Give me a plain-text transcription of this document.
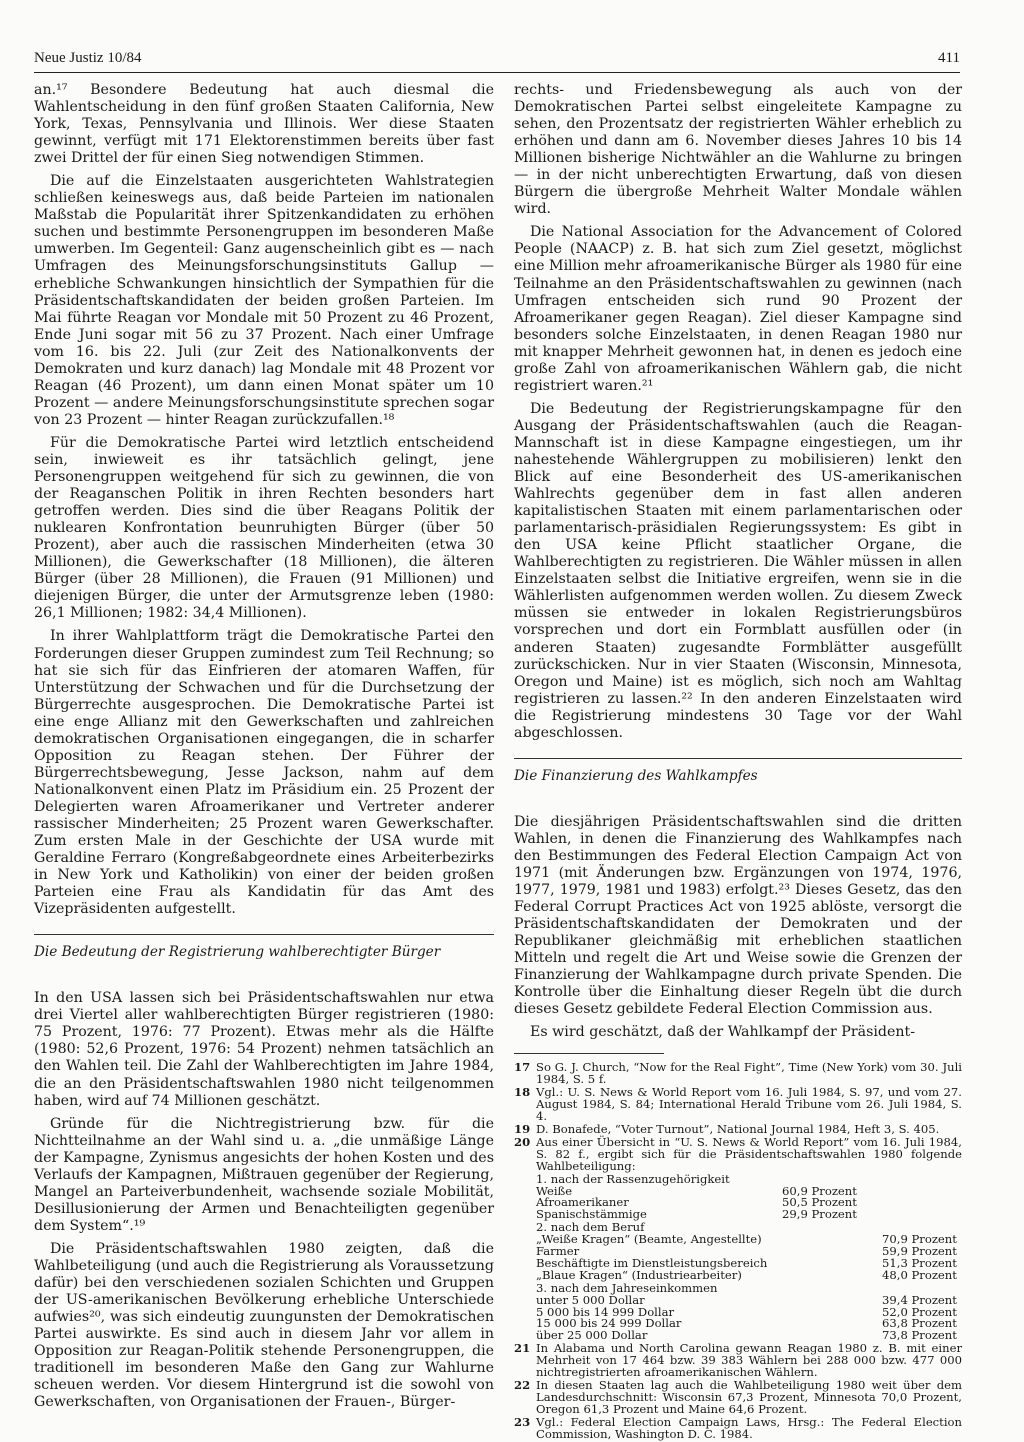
Neue Justiz 10/84	411

an.¹⁷ Besondere Bedeutung hat auch diesmal die Wahlentscheidung in den fünf großen Staaten California, New York, Texas, Pennsylvania und Illinois. Wer diese Staaten gewinnt, verfügt mit 171 Elektorenstimmen bereits über fast zwei Drittel der für einen Sieg notwendigen Stimmen.

Die auf die Einzelstaaten ausgerichteten Wahlstrategien schließen keineswegs aus, daß beide Parteien im nationalen Maßstab die Popularität ihrer Spitzenkandidaten zu erhöhen suchen und bestimmte Personengruppen im besonderen Maße umwerben. Im Gegenteil: Ganz augenscheinlich gibt es — nach Umfragen des Meinungsforschungsinstituts Gallup — erhebliche Schwankungen hinsichtlich der Sympathien für die Präsidentschaftskandidaten der beiden großen Parteien. Im Mai führte Reagan vor Mondale mit 50 Prozent zu 46 Prozent, Ende Juni sogar mit 56 zu 37 Prozent. Nach einer Umfrage vom 16. bis 22. Juli (zur Zeit des Nationalkonvents der Demokraten und kurz danach) lag Mondale mit 48 Prozent vor Reagan (46 Prozent), um dann einen Monat später um 10 Prozent — andere Meinungsforschungsinstitute sprechen sogar von 23 Prozent — hinter Reagan zurückzufallen.¹⁸

Für die Demokratische Partei wird letztlich entscheidend sein, inwieweit es ihr tatsächlich gelingt, jene Personengruppen weitgehend für sich zu gewinnen, die von der Reaganschen Politik in ihren Rechten besonders hart getroffen werden. Dies sind die über Reagans Politik der nuklearen Konfrontation beunruhigten Bürger (über 50 Prozent), aber auch die rassischen Minderheiten (etwa 30 Millionen), die Gewerkschafter (18 Millionen), die älteren Bürger (über 28 Millionen), die Frauen (91 Millionen) und diejenigen Bürger, die unter der Armutsgrenze leben (1980: 26,1 Millionen; 1982: 34,4 Millionen).

In ihrer Wahlplattform trägt die Demokratische Partei den Forderungen dieser Gruppen zumindest zum Teil Rechnung; so hat sie sich für das Einfrieren der atomaren Waffen, für Unterstützung der Schwachen und für die Durchsetzung der Bürgerrechte ausgesprochen. Die Demokratische Partei ist eine enge Allianz mit den Gewerkschaften und zahlreichen demokratischen Organisationen eingegangen, die in scharfer Opposition zu Reagan stehen. Der Führer der Bürgerrechtsbewegung, Jesse Jackson, nahm auf dem Nationalkonvent einen Platz im Präsidium ein. 25 Prozent der Delegierten waren Afroamerikaner und Vertreter anderer rassischer Minderheiten; 25 Prozent waren Gewerkschafter. Zum ersten Male in der Geschichte der USA wurde mit Geraldine Ferraro (Kongreßabgeordnete eines Arbeiterbezirks in New York und Katholikin) von einer der beiden großen Parteien eine Frau als Kandidatin für das Amt des Vizepräsidenten aufgestellt.

Die Bedeutung der Registrierung wahlberechtigter Bürger

In den USA lassen sich bei Präsidentschaftswahlen nur etwa drei Viertel aller wahlberechtigten Bürger registrieren (1980: 75 Prozent, 1976: 77 Prozent). Etwas mehr als die Hälfte (1980: 52,6 Prozent, 1976: 54 Prozent) nehmen tatsächlich an den Wahlen teil. Die Zahl der Wahlberechtigten im Jahre 1984, die an den Präsidentschaftswahlen 1980 nicht teilgenommen haben, wird auf 74 Millionen geschätzt.

Gründe für die Nichtregistrierung bzw. für die Nichtteilnahme an der Wahl sind u. a. „die unmäßige Länge der Kampagne, Zynismus angesichts der hohen Kosten und des Verlaufs der Kampagnen, Mißtrauen gegenüber der Regierung, Mangel an Parteiverbundenheit, wachsende soziale Mobilität, Desillusionierung der Armen und Benachteiligten gegenüber dem System“.¹⁹

Die Präsidentschaftswahlen 1980 zeigten, daß die Wahlbeteiligung (und auch die Registrierung als Voraussetzung dafür) bei den verschiedenen sozialen Schichten und Gruppen der US-amerikanischen Bevölkerung erhebliche Unterschiede aufwies²⁰, was sich eindeutig zuungunsten der Demokratischen Partei auswirkte. Es sind auch in diesem Jahr vor allem in Opposition zur Reagan-Politik stehende Personengruppen, die traditionell im besonderen Maße den Gang zur Wahlurne scheuen werden. Vor diesem Hintergrund ist die sowohl von Gewerkschaften, von Organisationen der Frauen-, Bürger-

rechts- und Friedensbewegung als auch von der Demokratischen Partei selbst eingeleitete Kampagne zu sehen, den Prozentsatz der registrierten Wähler erheblich zu erhöhen und dann am 6. November dieses Jahres 10 bis 14 Millionen bisherige Nichtwähler an die Wahlurne zu bringen — in der nicht unberechtigten Erwartung, daß von diesen Bürgern die übergroße Mehrheit Walter Mondale wählen wird.

Die National Association for the Advancement of Colored People (NAACP) z. B. hat sich zum Ziel gesetzt, möglichst eine Million mehr afroamerikanische Bürger als 1980 für eine Teilnahme an den Präsidentschaftswahlen zu gewinnen (nach Umfragen entscheiden sich rund 90 Prozent der Afroamerikaner gegen Reagan). Ziel dieser Kampagne sind besonders solche Einzelstaaten, in denen Reagan 1980 nur mit knapper Mehrheit gewonnen hat, in denen es jedoch eine große Zahl von afroamerikanischen Wählern gab, die nicht registriert waren.²¹

Die Bedeutung der Registrierungskampagne für den Ausgang der Präsidentschaftswahlen (auch die Reagan-Mannschaft ist in diese Kampagne eingestiegen, um ihr nahestehende Wählergruppen zu mobilisieren) lenkt den Blick auf eine Besonderheit des US-amerikanischen Wahlrechts gegenüber dem in fast allen anderen kapitalistischen Staaten mit einem parlamentarischen oder parlamentarisch-präsidialen Regierungssystem: Es gibt in den USA keine Pflicht staatlicher Organe, die Wahlberechtigten zu registrieren. Die Wähler müssen in allen Einzelstaaten selbst die Initiative ergreifen, wenn sie in die Wählerlisten aufgenommen werden wollen. Zu diesem Zweck müssen sie entweder in lokalen Registrierungsbüros vorsprechen und dort ein Formblatt ausfüllen oder (in anderen Staaten) zugesandte Formblätter ausgefüllt zurückschicken. Nur in vier Staaten (Wisconsin, Minnesota, Oregon und Maine) ist es möglich, sich noch am Wahltag registrieren zu lassen.²² In den anderen Einzelstaaten wird die Registrierung mindestens 30 Tage vor der Wahl abgeschlossen.

Die Finanzierung des Wahlkampfes

Die diesjährigen Präsidentschaftswahlen sind die dritten Wahlen, in denen die Finanzierung des Wahlkampfes nach den Bestimmungen des Federal Election Campaign Act von 1971 (mit Änderungen bzw. Ergänzungen von 1974, 1976, 1977, 1979, 1981 und 1983) erfolgt.²³ Dieses Gesetz, das den Federal Corrupt Practices Act von 1925 ablöste, versorgt die Präsidentschaftskandidaten der Demokraten und der Republikaner gleichmäßig mit erheblichen staatlichen Mitteln und regelt die Art und Weise sowie die Grenzen der Finanzierung der Wahlkampagne durch private Spenden. Die Kontrolle über die Einhaltung dieser Regeln übt die durch dieses Gesetz gebildete Federal Election Commission aus.

Es wird geschätzt, daß der Wahlkampf der Präsident-

17 So G. J. Church, “Now for the Real Fight”, Time (New York) vom 30. Juli 1984, S. 5 f.
18 Vgl.: U. S. News & World Report vom 16. Juli 1984, S. 97, und vom 27. August 1984, S. 84; International Herald Tribune vom 26. Juli 1984, S. 4.
19 D. Bonafede, “Voter Turnout”, National Journal 1984, Heft 3, S. 405.
20 Aus einer Übersicht in “U. S. News & World Report” vom 16. Juli 1984, S. 82 f., ergibt sich für die Präsidentschaftswahlen 1980 folgende Wahlbeteiligung:
1. nach der Rassenzugehörigkeit	
Weiße	60,9 Prozent
Afroamerikaner	50,5 Prozent
Spanischstämmige	29,9 Prozent
2. nach dem Beruf	
„Weiße Kragen“ (Beamte, Angestellte)	70,9 Prozent
Farmer	59,9 Prozent
Beschäftigte im Dienstleistungsbereich	51,3 Prozent
„Blaue Kragen“ (Industriearbeiter)	48,0 Prozent
3. nach dem Jahreseinkommen	
unter 5 000 Dollar	39,4 Prozent
5 000 bis 14 999 Dollar	52,0 Prozent
15 000 bis 24 999 Dollar	63,8 Prozent
über 25 000 Dollar	73,8 Prozent
21 In Alabama und North Carolina gewann Reagan 1980 z. B. mit einer Mehrheit von 17 464 bzw. 39 383 Wählern bei 288 000 bzw. 477 000 nichtregistrierten afroamerikanischen Wählern.
22 In diesen Staaten lag auch die Wahlbeteiligung 1980 weit über dem Landesdurchschnitt: Wisconsin 67,3 Prozent, Minnesota 70,0 Prozent, Oregon 61,3 Prozent und Maine 64,6 Prozent.
23 Vgl.: Federal Election Campaign Laws, Hrsg.: The Federal Election Commission, Washington D. C. 1984.
